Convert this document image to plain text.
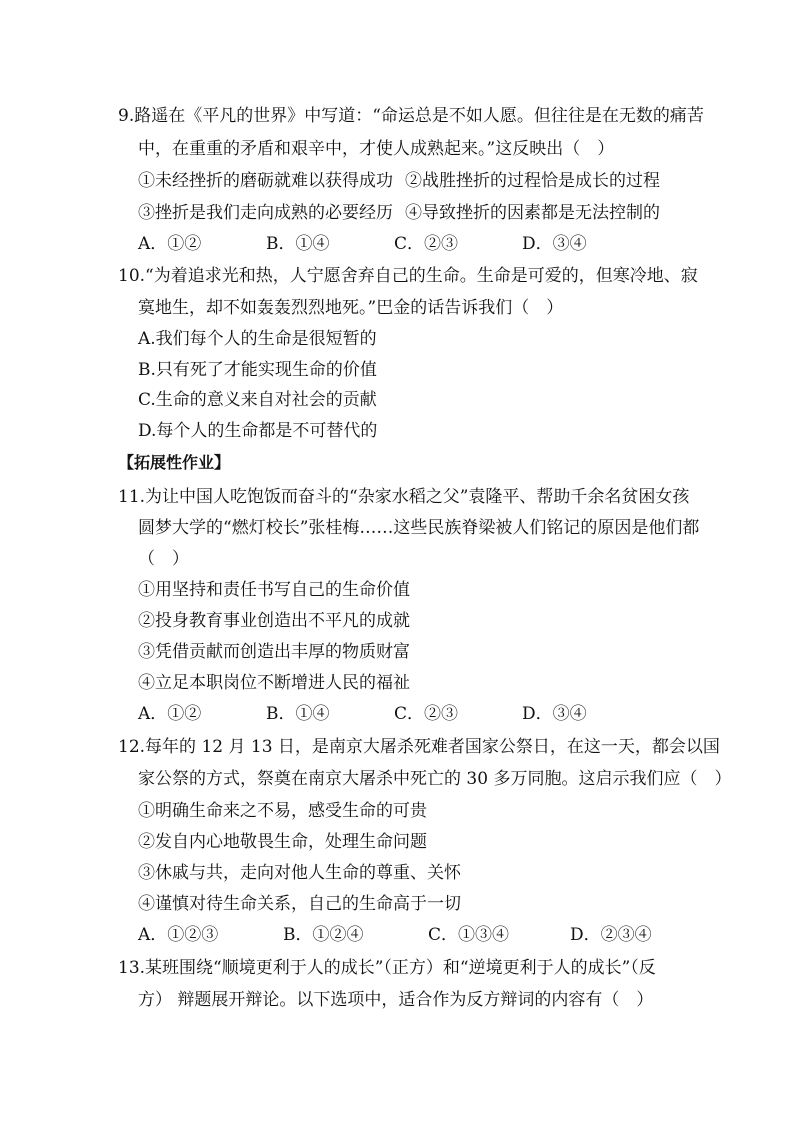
9.路遥在《平凡的世界》中写道：“命运总是不如人愿。但往往是在无数的痛苦
中，在重重的矛盾和艰辛中，才使人成熟起来。”这反映出（　）
①未经挫折的磨砺就难以获得成功 ②战胜挫折的过程恰是成长的过程
③挫折是我们走向成熟的必要经历 ④导致挫折的因素都是无法控制的
A．①②	B．①④	C．②③	D．③④
10.“为着追求光和热，人宁愿舍弃自己的生命。生命是可爱的，但寒冷地、寂
寞地生，却不如轰轰烈烈地死。”巴金的话告诉我们（　）
A.我们每个人的生命是很短暂的
B.只有死了才能实现生命的价值
C.生命的意义来自对社会的贡献
D.每个人的生命都是不可替代的
【拓展性作业】
11.为让中国人吃饱饭而奋斗的“杂家水稻之父”袁隆平、帮助千余名贫困女孩
圆梦大学的“燃灯校长”张桂梅……这些民族脊梁被人们铭记的原因是他们都
（　）
①用坚持和责任书写自己的生命价值
②投身教育事业创造出不平凡的成就
③凭借贡献而创造出丰厚的物质财富
④立足本职岗位不断增进人民的福祉
A．①②	B．①④	C．②③	D．③④
12.每年的 12 月 13 日，是南京大屠杀死难者国家公祭日，在这一天，都会以国
家公祭的方式，祭奠在南京大屠杀中死亡的 30 多万同胞。这启示我们应（　）
①明确生命来之不易，感受生命的可贵
②发自内心地敬畏生命，处理生命问题
③休戚与共，走向对他人生命的尊重、关怀
④谨慎对待生命关系，自己的生命高于一切
A．①②③	B．①②④	C．①③④	D．②③④
13.某班围绕“顺境更利于人的成长”（正方）和“逆境更利于人的成长”（反
方） 辩题展开辩论。以下选项中，适合作为反方辩词的内容有（　）
